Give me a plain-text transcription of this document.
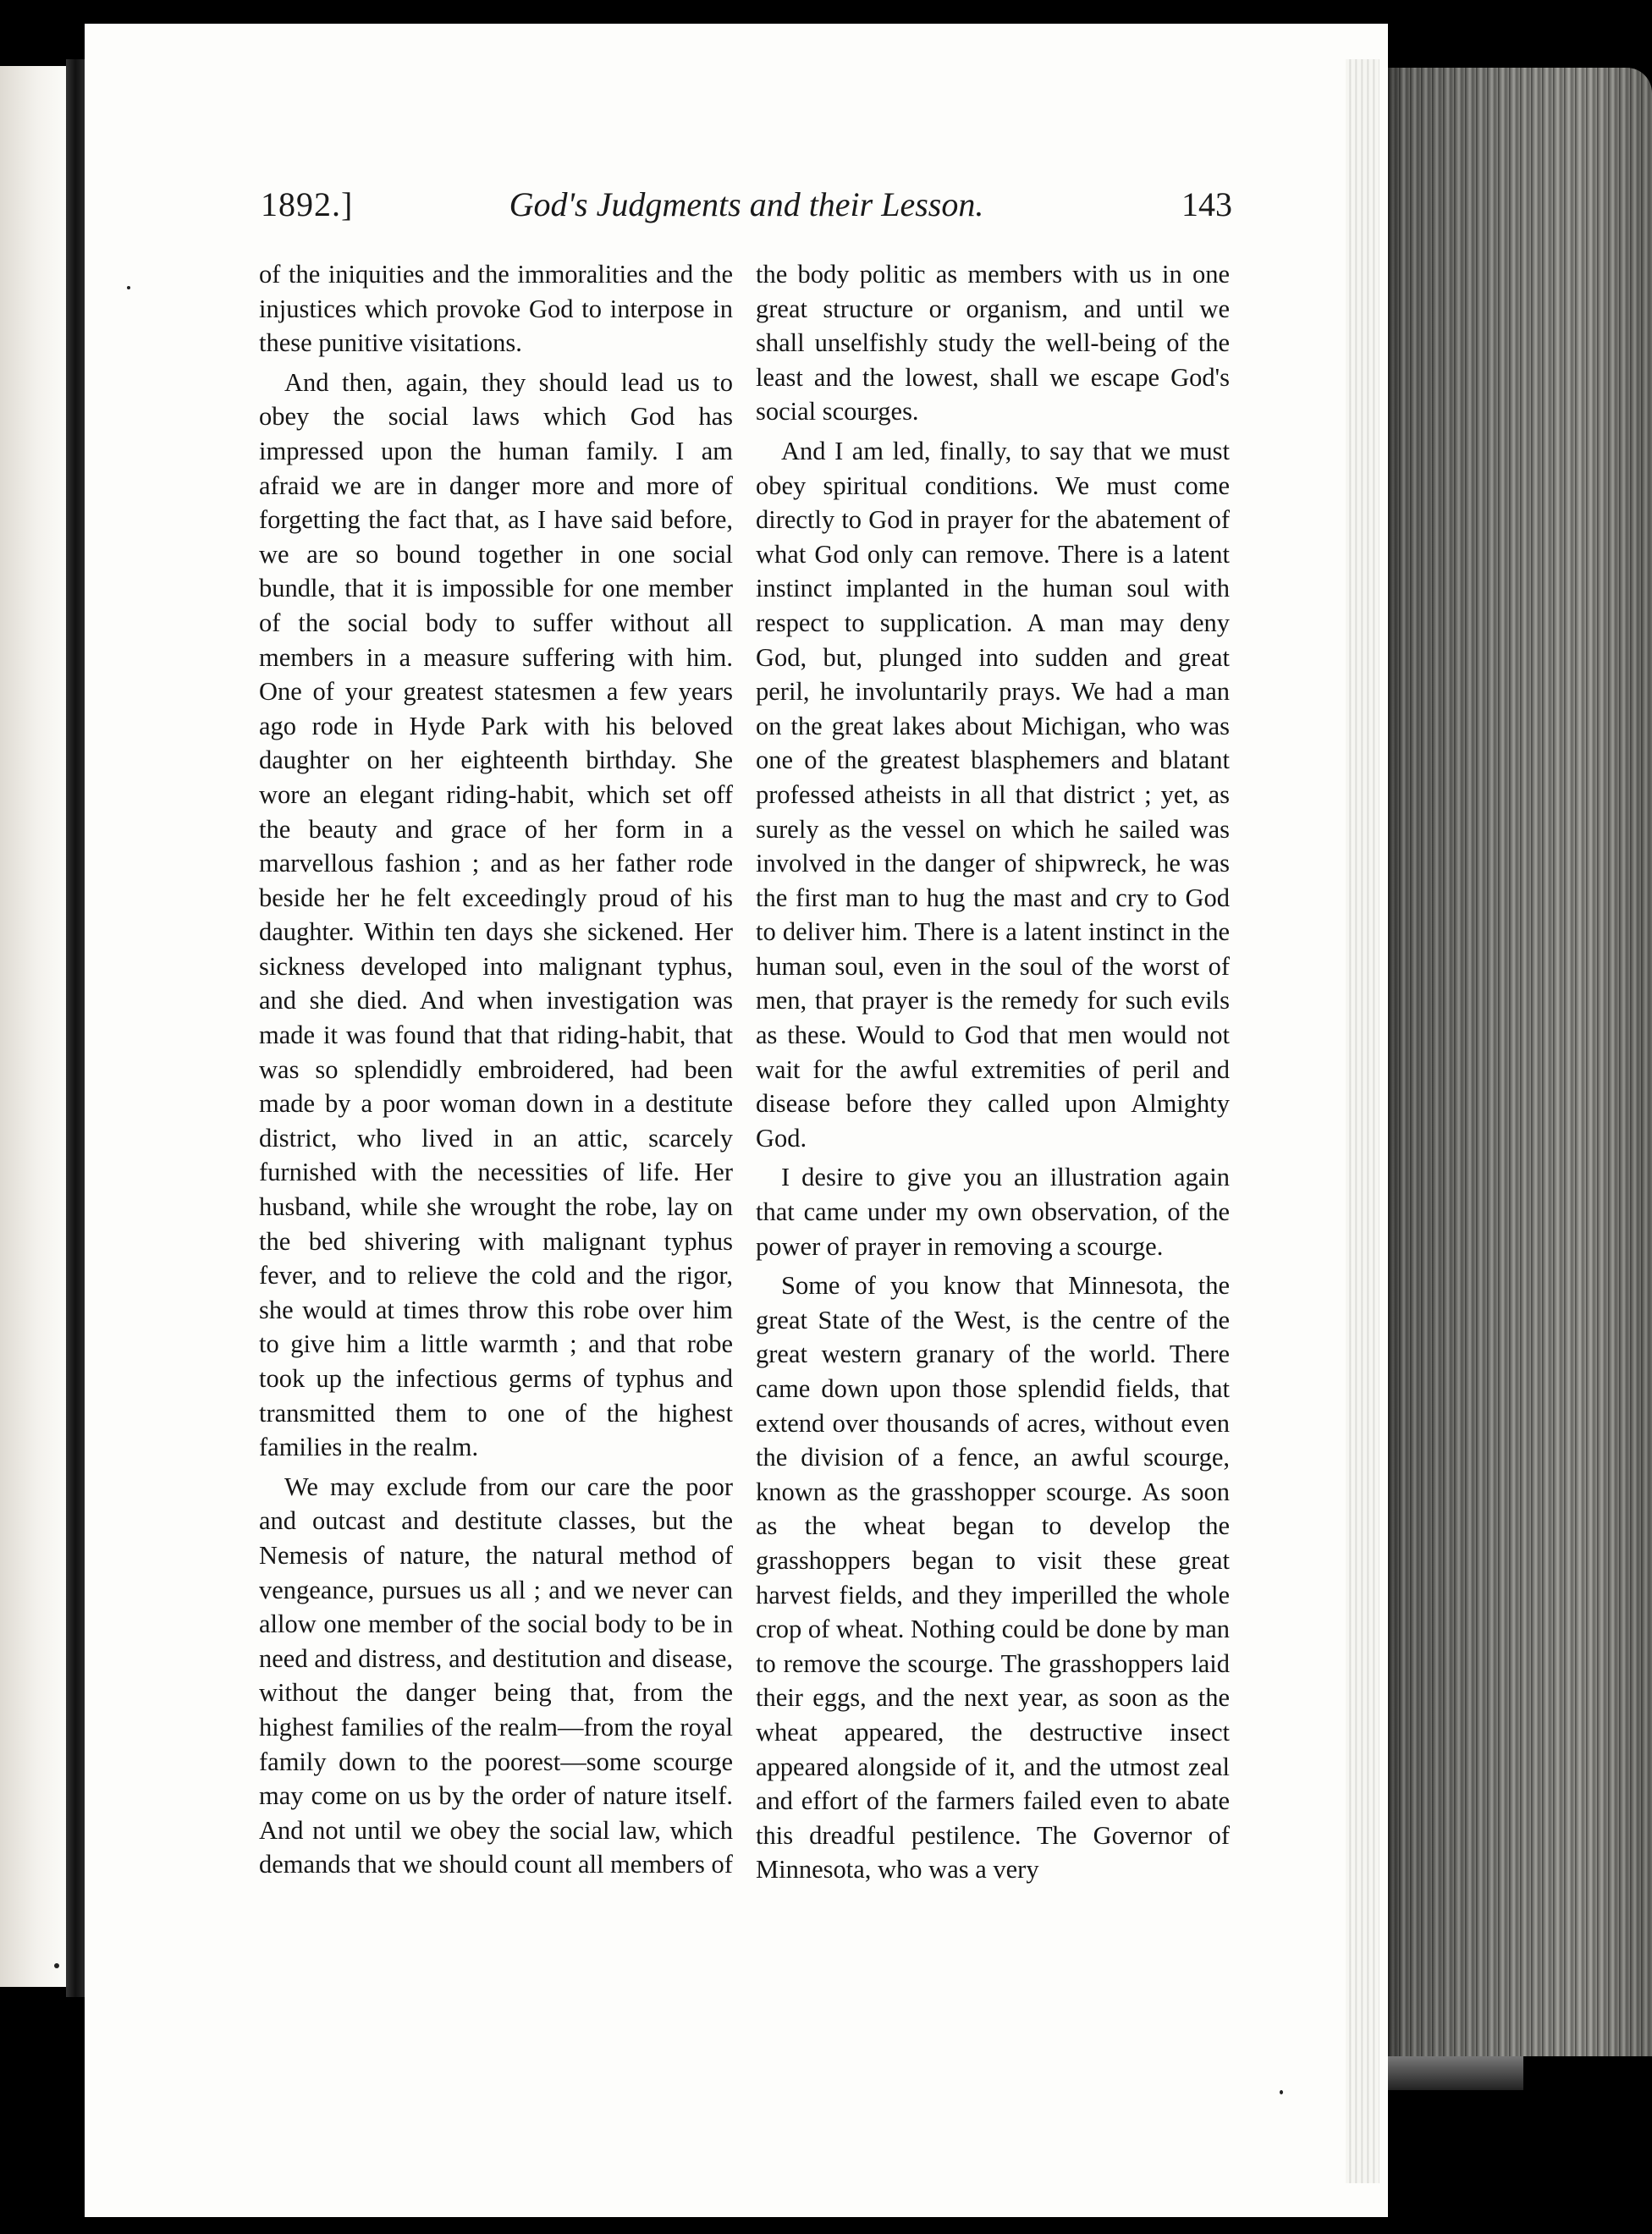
1892.]	God's Judgments and their Lesson.	143

of the iniquities and the immoralities and the injustices which provoke God to interpose in these punitive visitations.

And then, again, they should lead us to obey the social laws which God has impressed upon the human family. I am afraid we are in danger more and more of forgetting the fact that, as I have said before, we are so bound together in one social bundle, that it is impossible for one member of the social body to suffer without all members in a measure suffering with him. One of your greatest statesmen a few years ago rode in Hyde Park with his beloved daughter on her eighteenth birthday. She wore an elegant riding-habit, which set off the beauty and grace of her form in a marvellous fashion ; and as her father rode beside her he felt exceedingly proud of his daughter. Within ten days she sickened. Her sickness developed into malignant typhus, and she died. And when investigation was made it was found that that riding-habit, that was so splendidly embroidered, had been made by a poor woman down in a destitute district, who lived in an attic, scarcely furnished with the necessities of life. Her husband, while she wrought the robe, lay on the bed shivering with malignant typhus fever, and to relieve the cold and the rigor, she would at times throw this robe over him to give him a little warmth ; and that robe took up the infectious germs of typhus and transmitted them to one of the highest families in the realm.

We may exclude from our care the poor and outcast and destitute classes, but the Nemesis of nature, the natural method of vengeance, pursues us all ; and we never can allow one member of the social body to be in need and distress, and destitution and disease, without the danger being that, from the highest families of the realm—from the royal family down to the poorest—some scourge may come on us by the order of nature itself. And not until we obey the social law, which demands that we should count all members of

the body politic as members with us in one great structure or organism, and until we shall unselfishly study the well-being of the least and the lowest, shall we escape God's social scourges.

And I am led, finally, to say that we must obey spiritual conditions. We must come directly to God in prayer for the abatement of what God only can remove. There is a latent instinct implanted in the human soul with respect to supplication. A man may deny God, but, plunged into sudden and great peril, he involuntarily prays. We had a man on the great lakes about Michigan, who was one of the greatest blasphemers and blatant professed atheists in all that district ; yet, as surely as the vessel on which he sailed was involved in the danger of shipwreck, he was the first man to hug the mast and cry to God to deliver him. There is a latent instinct in the human soul, even in the soul of the worst of men, that prayer is the remedy for such evils as these. Would to God that men would not wait for the awful extremities of peril and disease before they called upon Almighty God.

I desire to give you an illustration again that came under my own observation, of the power of prayer in removing a scourge.

Some of you know that Minnesota, the great State of the West, is the centre of the great western granary of the world. There came down upon those splendid fields, that extend over thousands of acres, without even the division of a fence, an awful scourge, known as the grasshopper scourge. As soon as the wheat began to develop the grasshoppers began to visit these great harvest fields, and they imperilled the whole crop of wheat. Nothing could be done by man to remove the scourge. The grasshoppers laid their eggs, and the next year, as soon as the wheat appeared, the destructive insect appeared alongside of it, and the utmost zeal and effort of the farmers failed even to abate this dreadful pestilence. The Governor of Minnesota, who was a very
